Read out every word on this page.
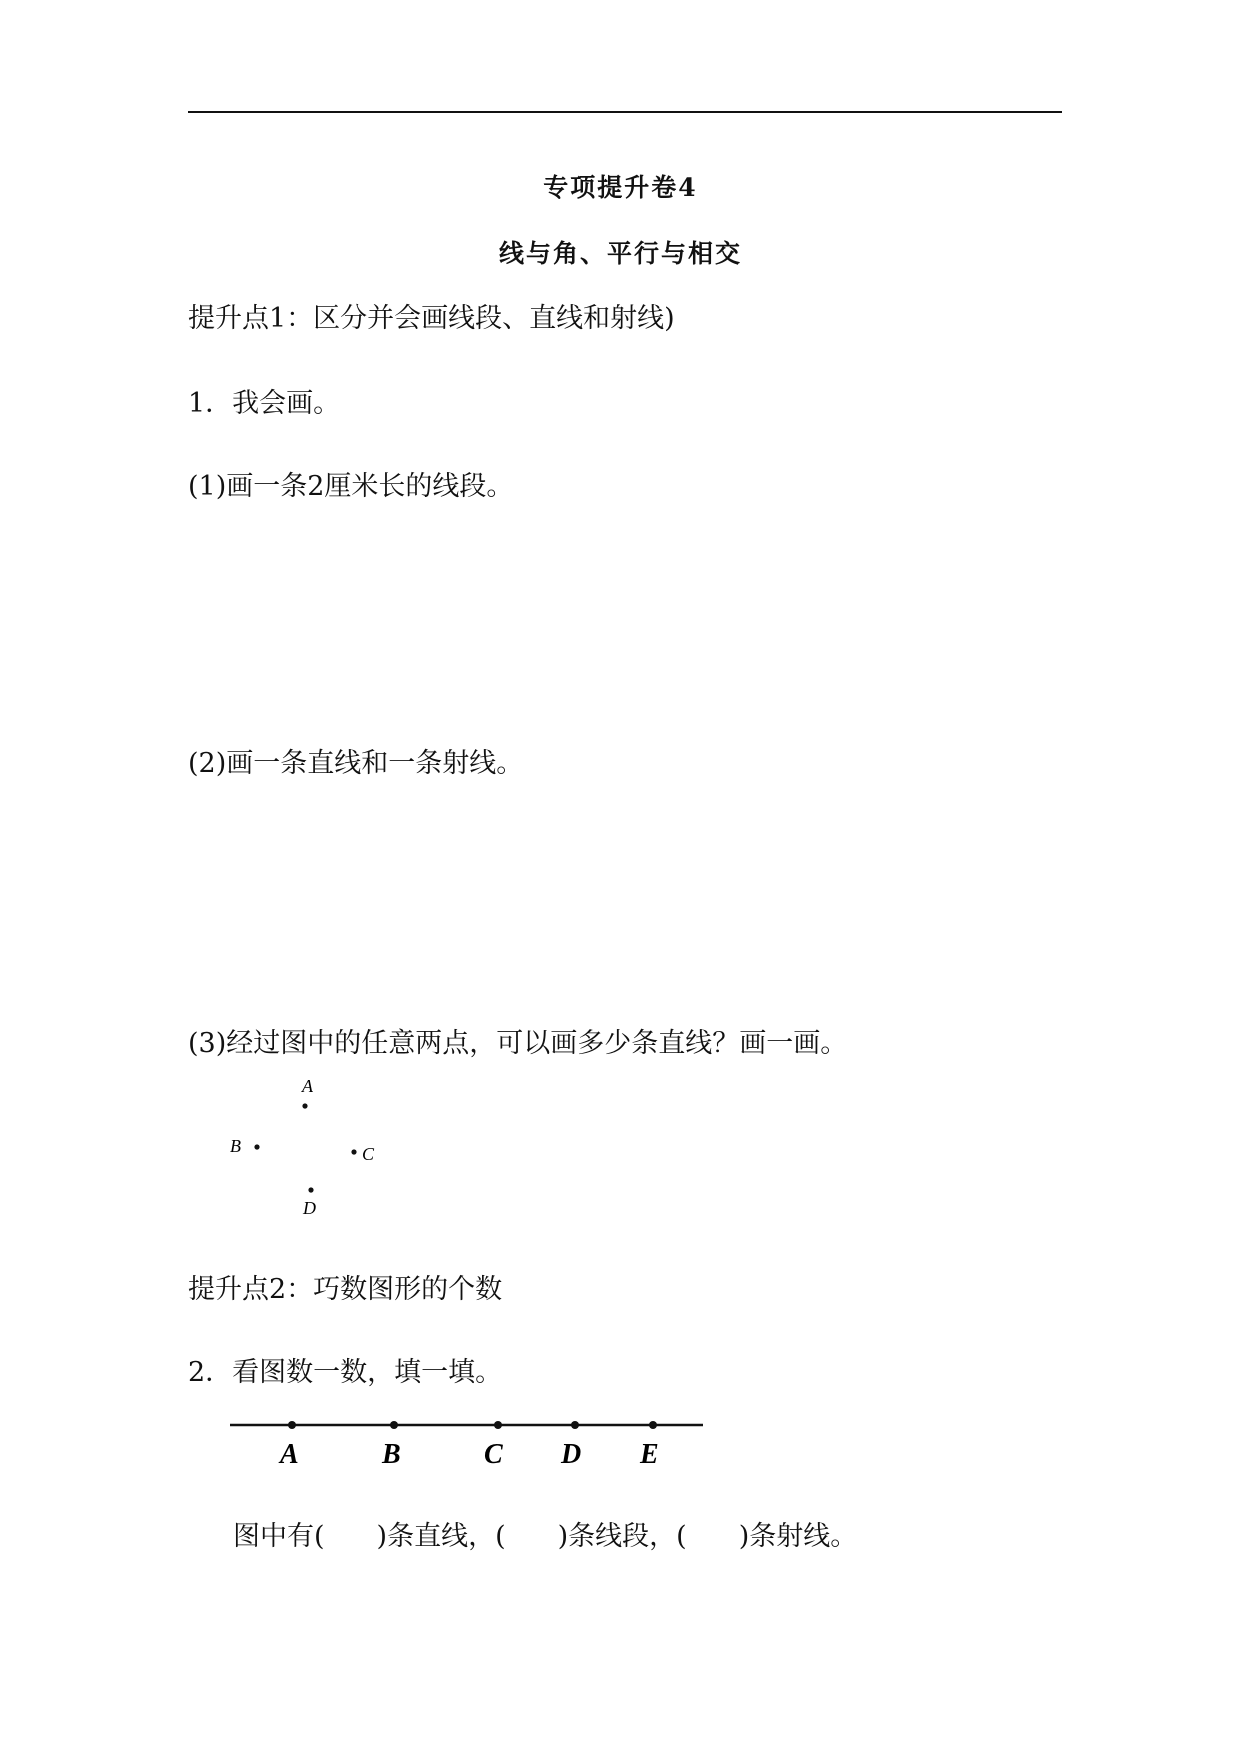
专项提升卷4
线与角、平行与相交
提升点1：区分并会画线段、直线和射线)
1．我会画。
(1)画一条2厘米长的线段。
(2)画一条直线和一条射线。
(3)经过图中的任意两点，可以画多少条直线？画一画。
A
B	C
D
提升点2：巧数图形的个数
2．看图数一数，填一填。
A	B	C D E
图中有( )条直线，( )条线段，( )条射线。
